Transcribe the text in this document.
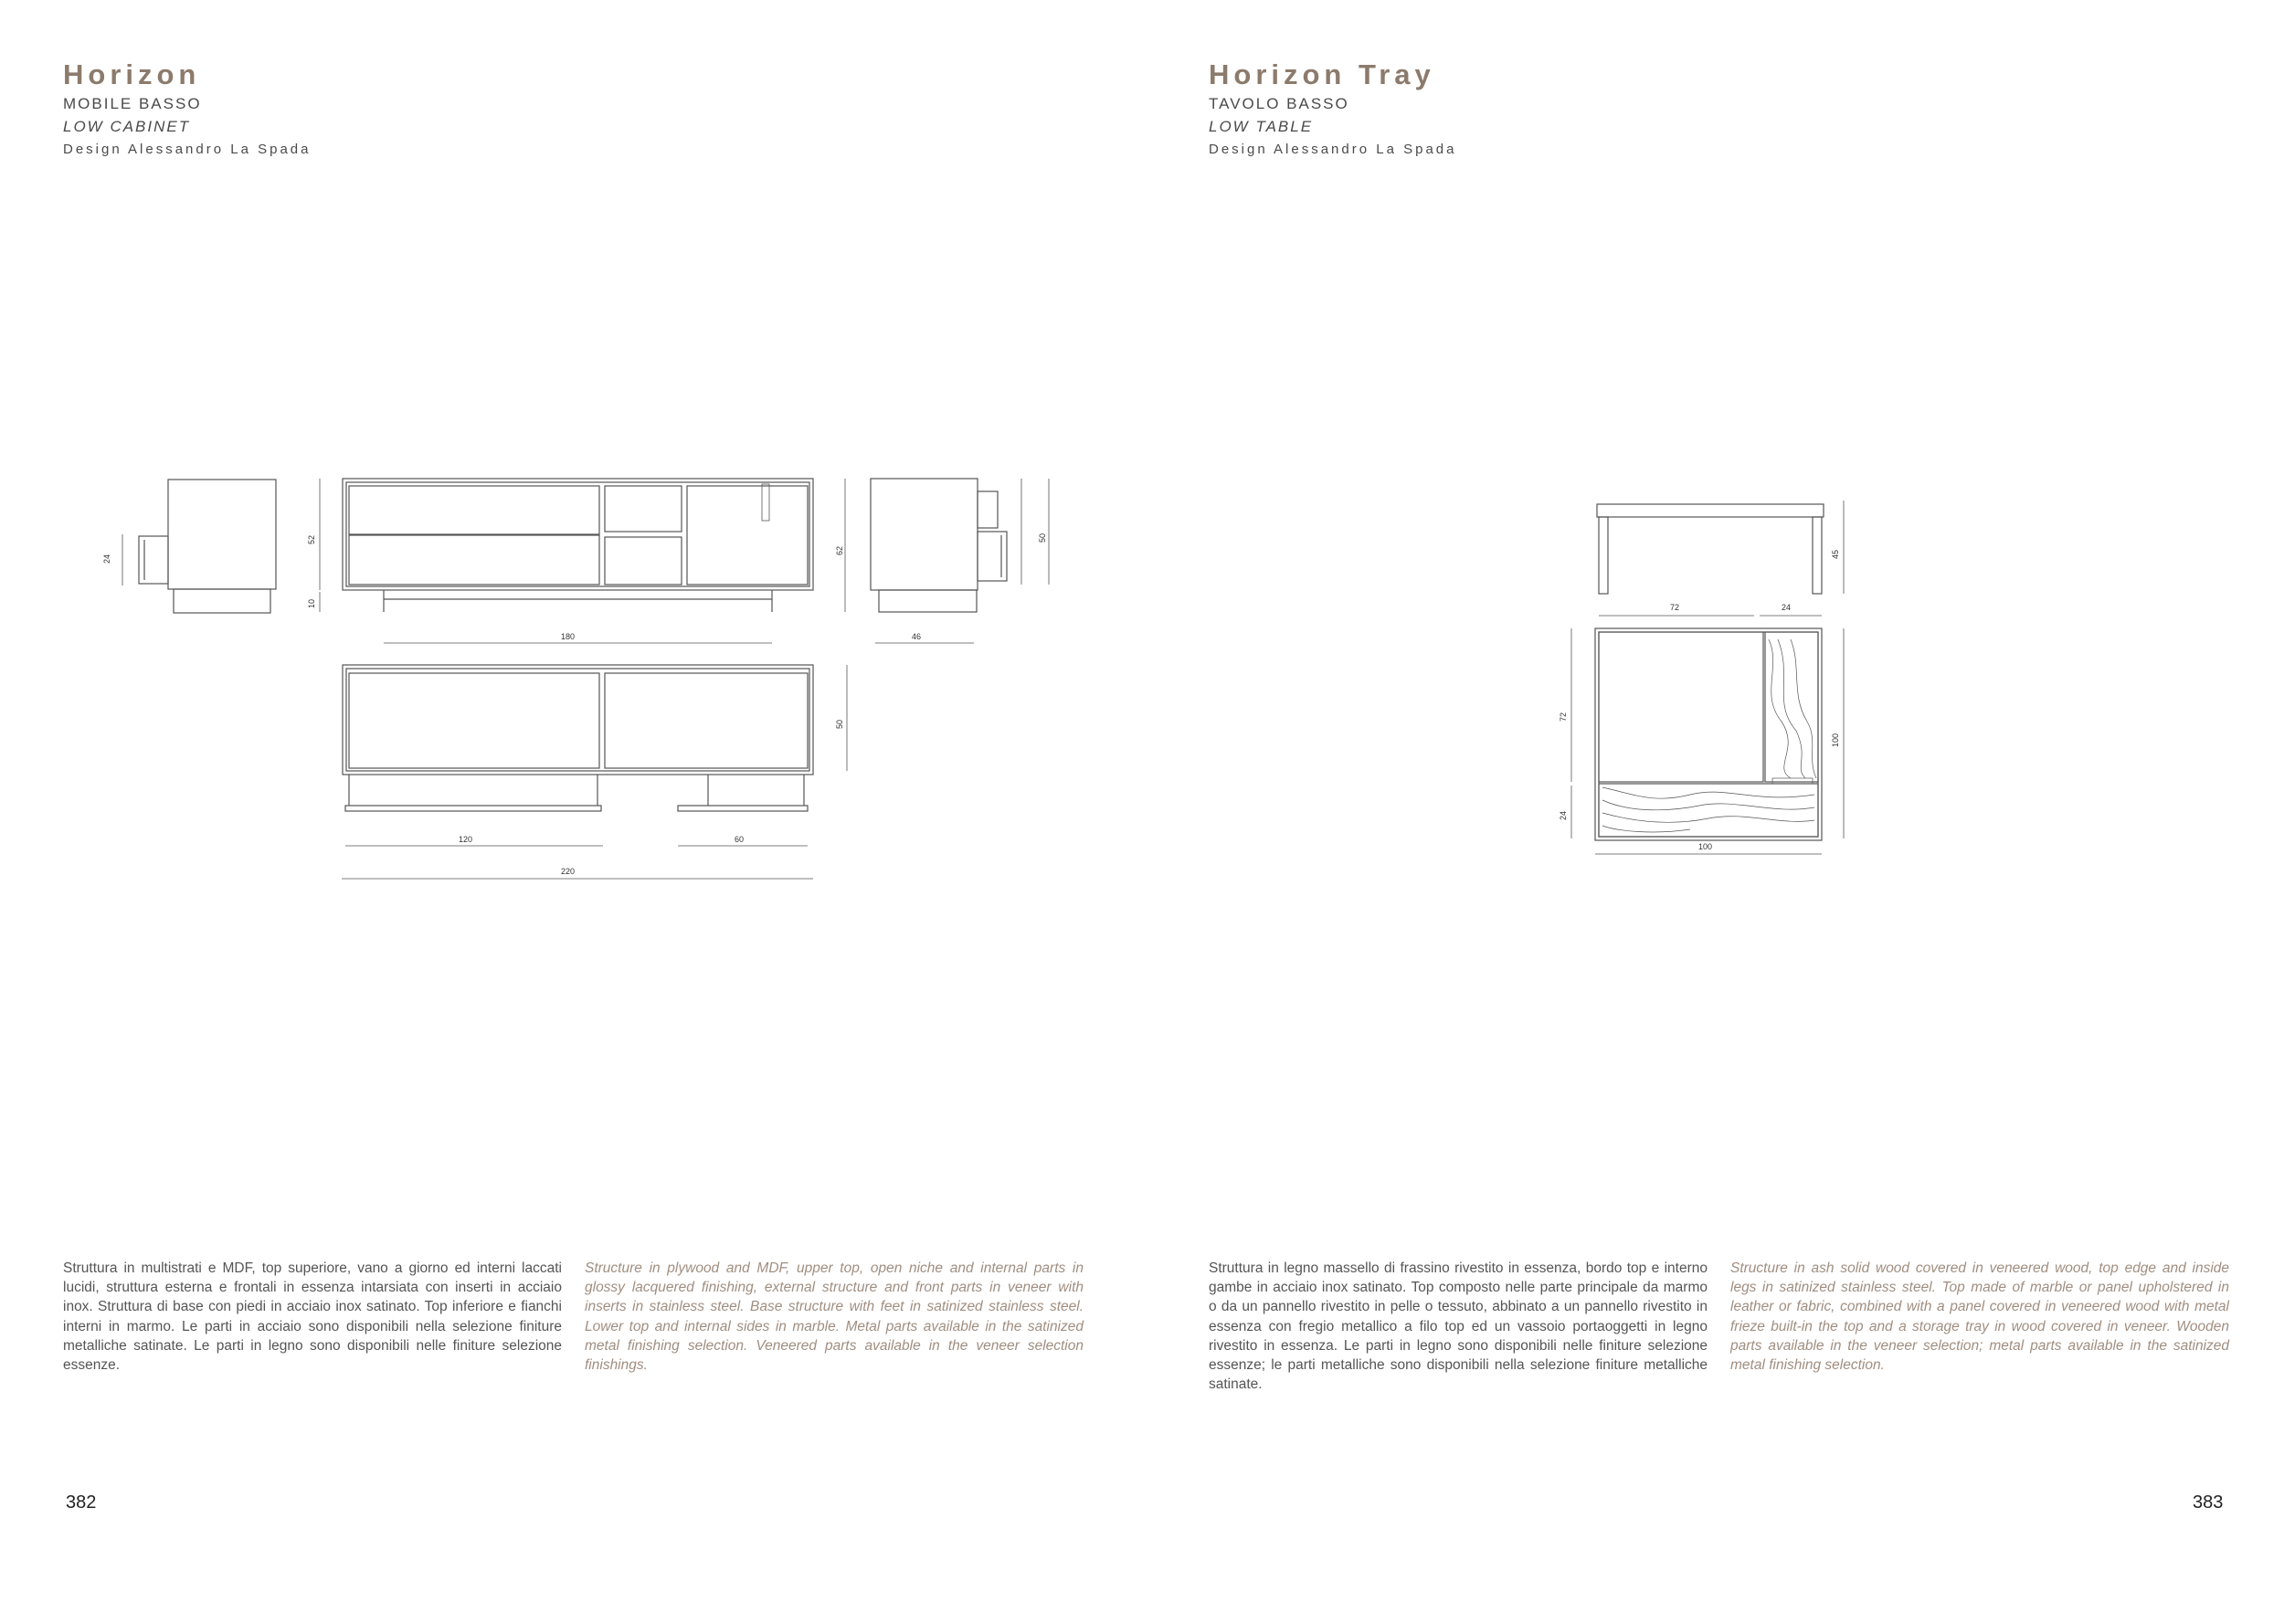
Horizon
MOBILE BASSO
LOW CABINET
Design Alessandro La Spada
24
52
10
62
180
50
46
50
120	60
220
Struttura in multistrati e MDF, top superiore, vano a giorno ed interni laccati lucidi, struttura esterna e frontali in essenza intarsiata con inserti in acciaio inox. Struttura di base con piedi in acciaio inox satinato. Top inferiore e fianchi interni in marmo. Le parti in acciaio sono disponibili nella selezione finiture metalliche satinate. Le parti in legno sono disponibili nelle finiture selezione essenze.
Structure in plywood and MDF, upper top, open niche and internal parts in glossy lacquered finishing, external structure and front parts in veneer with inserts in stainless steel. Base structure with feet in satinized stainless steel. Lower top and internal sides in marble. Metal parts available in the satinized metal finishing selection. Veneered parts available in the veneer selection finishings.
382
Horizon Tray
TAVOLO BASSO
LOW TABLE
Design Alessandro La Spada
45
72	24
72
24
100
100
Struttura in legno massello di frassino rivestito in essenza, bordo top e interno gambe in acciaio inox satinato. Top composto nelle parte principale da marmo o da un pannello rivestito in pelle o tessuto, abbinato a un pannello rivestito in essenza con fregio metallico a filo top ed un vassoio portaoggetti in legno rivestito in essenza. Le parti in legno sono disponibili nelle finiture selezione essenze; le parti metalliche sono disponibili nella selezione finiture metalliche satinate.
Structure in ash solid wood covered in veneered wood, top edge and inside legs in satinized stainless steel. Top made of marble or panel upholstered in leather or fabric, combined with a panel covered in veneered wood with metal frieze built-in the top and a storage tray in wood covered in veneer. Wooden parts available in the veneer selection; metal parts available in the satinized metal finishing selection.
383
